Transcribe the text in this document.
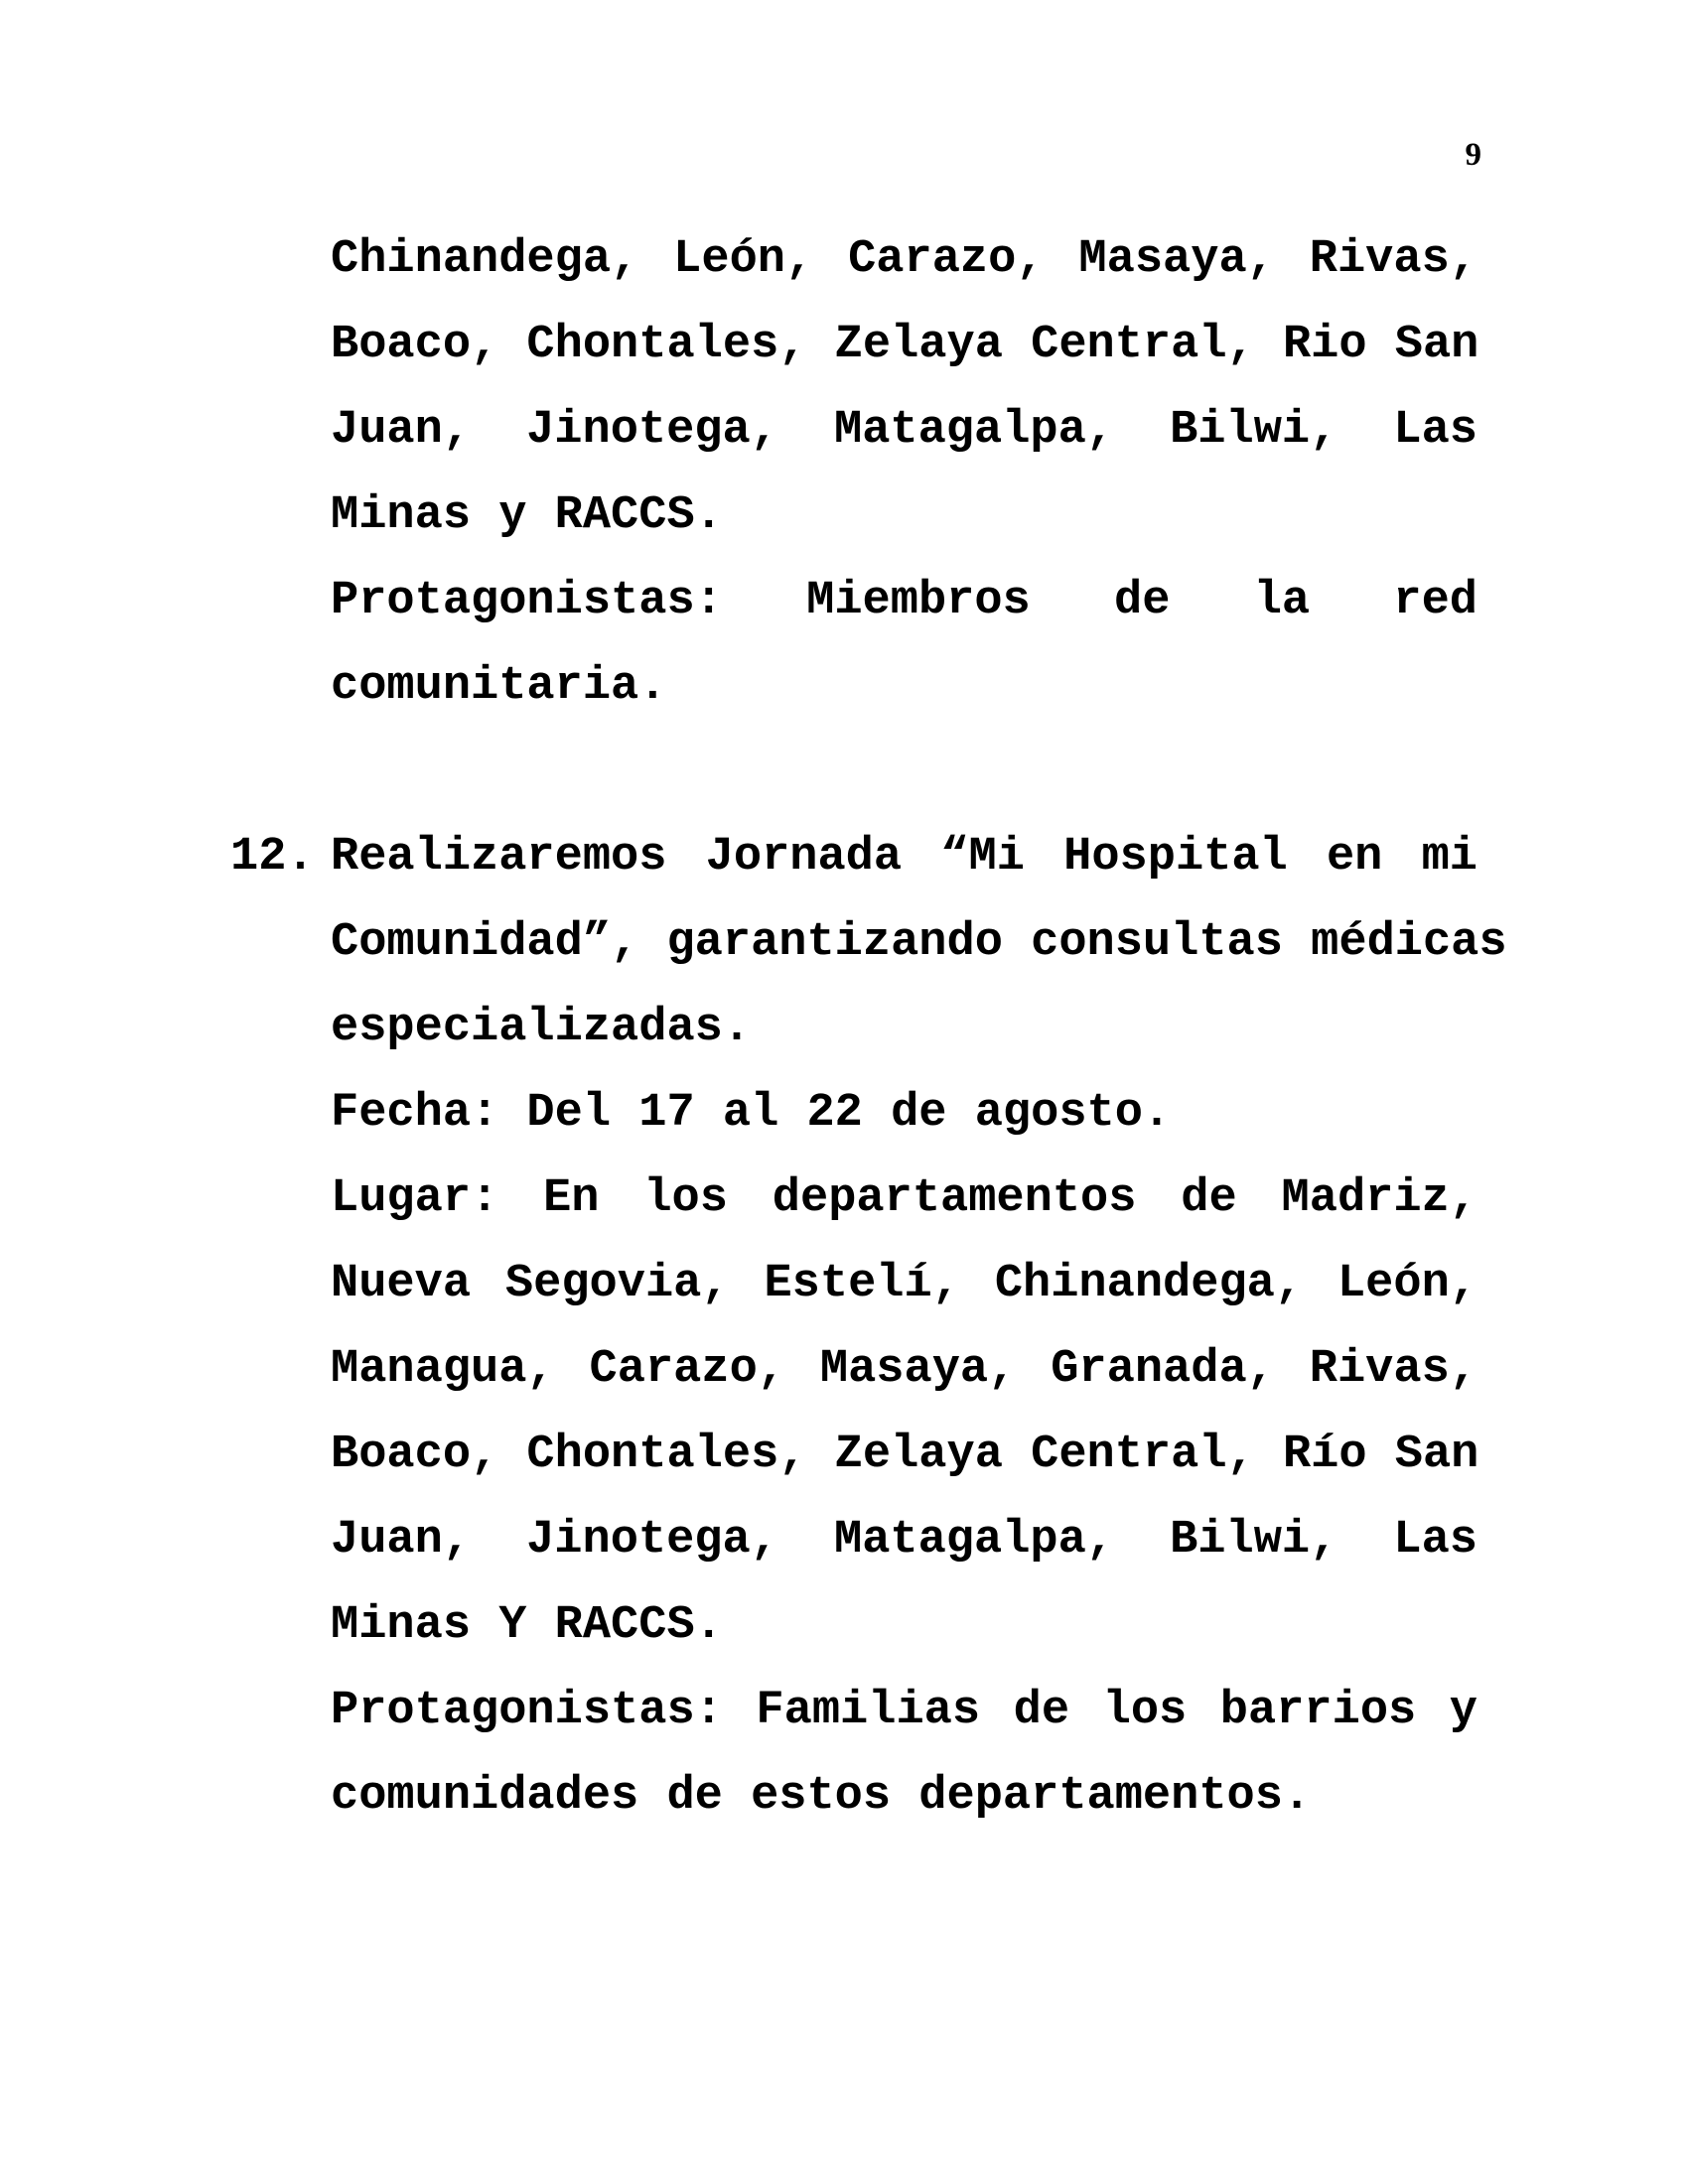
9
Chinandega, León, Carazo, Masaya, Rivas,
Boaco, Chontales, Zelaya Central, Rio San
Juan, Jinotega, Matagalpa, Bilwi, Las
Minas y RACCS.
Protagonistas: Miembros de la red
comunitaria.
12. Realizaremos Jornada “Mi Hospital en mi
Comunidad”, garantizando consultas médicas
especializadas.
Fecha: Del 17 al 22 de agosto.
Lugar: En los departamentos de Madriz,
Nueva Segovia, Estelí, Chinandega, León,
Managua, Carazo, Masaya, Granada, Rivas,
Boaco, Chontales, Zelaya Central, Río San
Juan, Jinotega, Matagalpa, Bilwi, Las
Minas Y RACCS.
Protagonistas: Familias de los barrios y
comunidades de estos departamentos.
